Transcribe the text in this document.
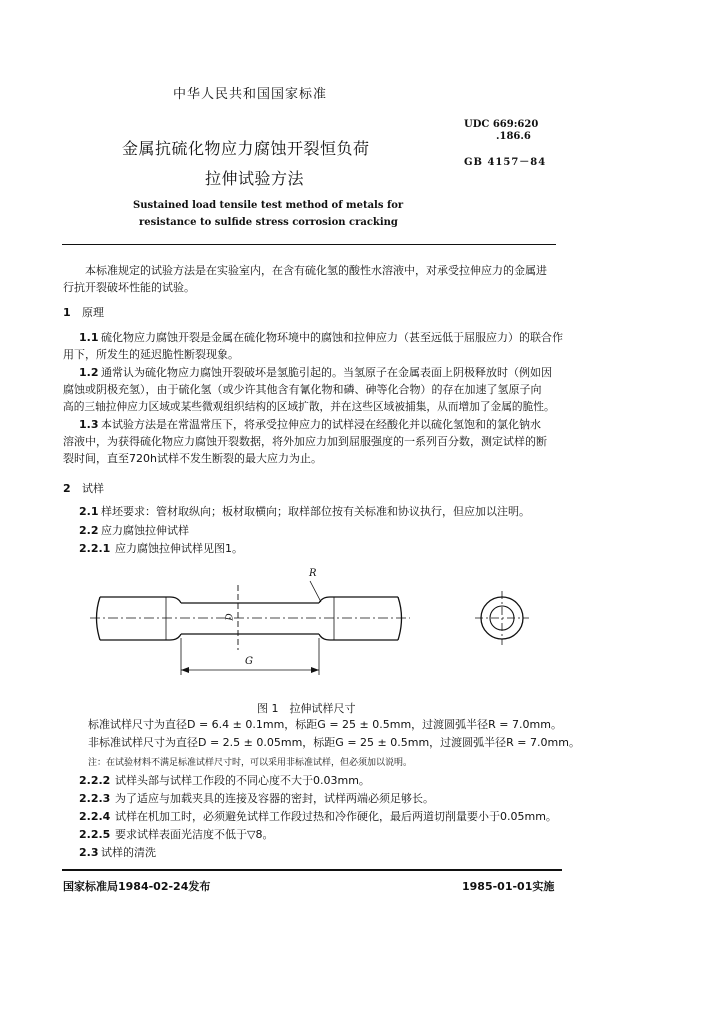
中华人民共和国国家标准
UDC 669:620
.186.6
GB 4157－84
金属抗硫化物应力腐蚀开裂恒负荷
拉伸试验方法
Sustained load tensile test method of metals for
resistance to sulfide stress corrosion cracking
本标准规定的试验方法是在实验室内，在含有硫化氢的酸性水溶液中，对承受拉伸应力的金属进
行抗开裂破坏性能的试验。
1 原理
1.1 硫化物应力腐蚀开裂是金属在硫化物环境中的腐蚀和拉伸应力（甚至远低于屈服应力）的联合作
用下，所发生的延迟脆性断裂现象。
1.2 通常认为硫化物应力腐蚀开裂破坏是氢脆引起的。当氢原子在金属表面上阴极释放时（例如因
腐蚀或阴极充氢），由于硫化氢（或少许其他含有氰化物和磷、砷等化合物）的存在加速了氢原子向
高的三轴拉伸应力区域或某些微观组织结构的区域扩散，并在这些区域被捕集，从而增加了金属的脆性。
1.3 本试验方法是在常温常压下，将承受拉伸应力的试样浸在经酸化并以硫化氢饱和的氯化钠水
溶液中，为获得硫化物应力腐蚀开裂数据，将外加应力加到屈服强度的一系列百分数，测定试样的断
裂时间，直至720h试样不发生断裂的最大应力为止。
2 试样
2.1 样坯要求：管材取纵向；板材取横向；取样部位按有关标准和协议执行，但应加以注明。
2.2 应力腐蚀拉伸试样
2.2.1 应力腐蚀拉伸试样见图1。
R
D
G
图 1　拉伸试样尺寸
标准试样尺寸为直径D = 6.4 ± 0.1mm，标距G = 25 ± 0.5mm，过渡圆弧半径R = 7.0mm。
非标准试样尺寸为直径D = 2.5 ± 0.05mm，标距G = 25 ± 0.5mm，过渡圆弧半径R = 7.0mm。
注：在试验材料不满足标准试样尺寸时，可以采用非标准试样，但必须加以说明。
2.2.2 试样头部与试样工作段的不同心度不大于0.03mm。
2.2.3 为了适应与加载夹具的连接及容器的密封，试样两端必须足够长。
2.2.4 试样在机加工时，必须避免试样工作段过热和冷作硬化，最后两道切削量要小于0.05mm。
2.2.5 要求试样表面光洁度不低于▽8。
2.3 试样的清洗
国家标准局1984-02-24发布	1985-01-01实施
